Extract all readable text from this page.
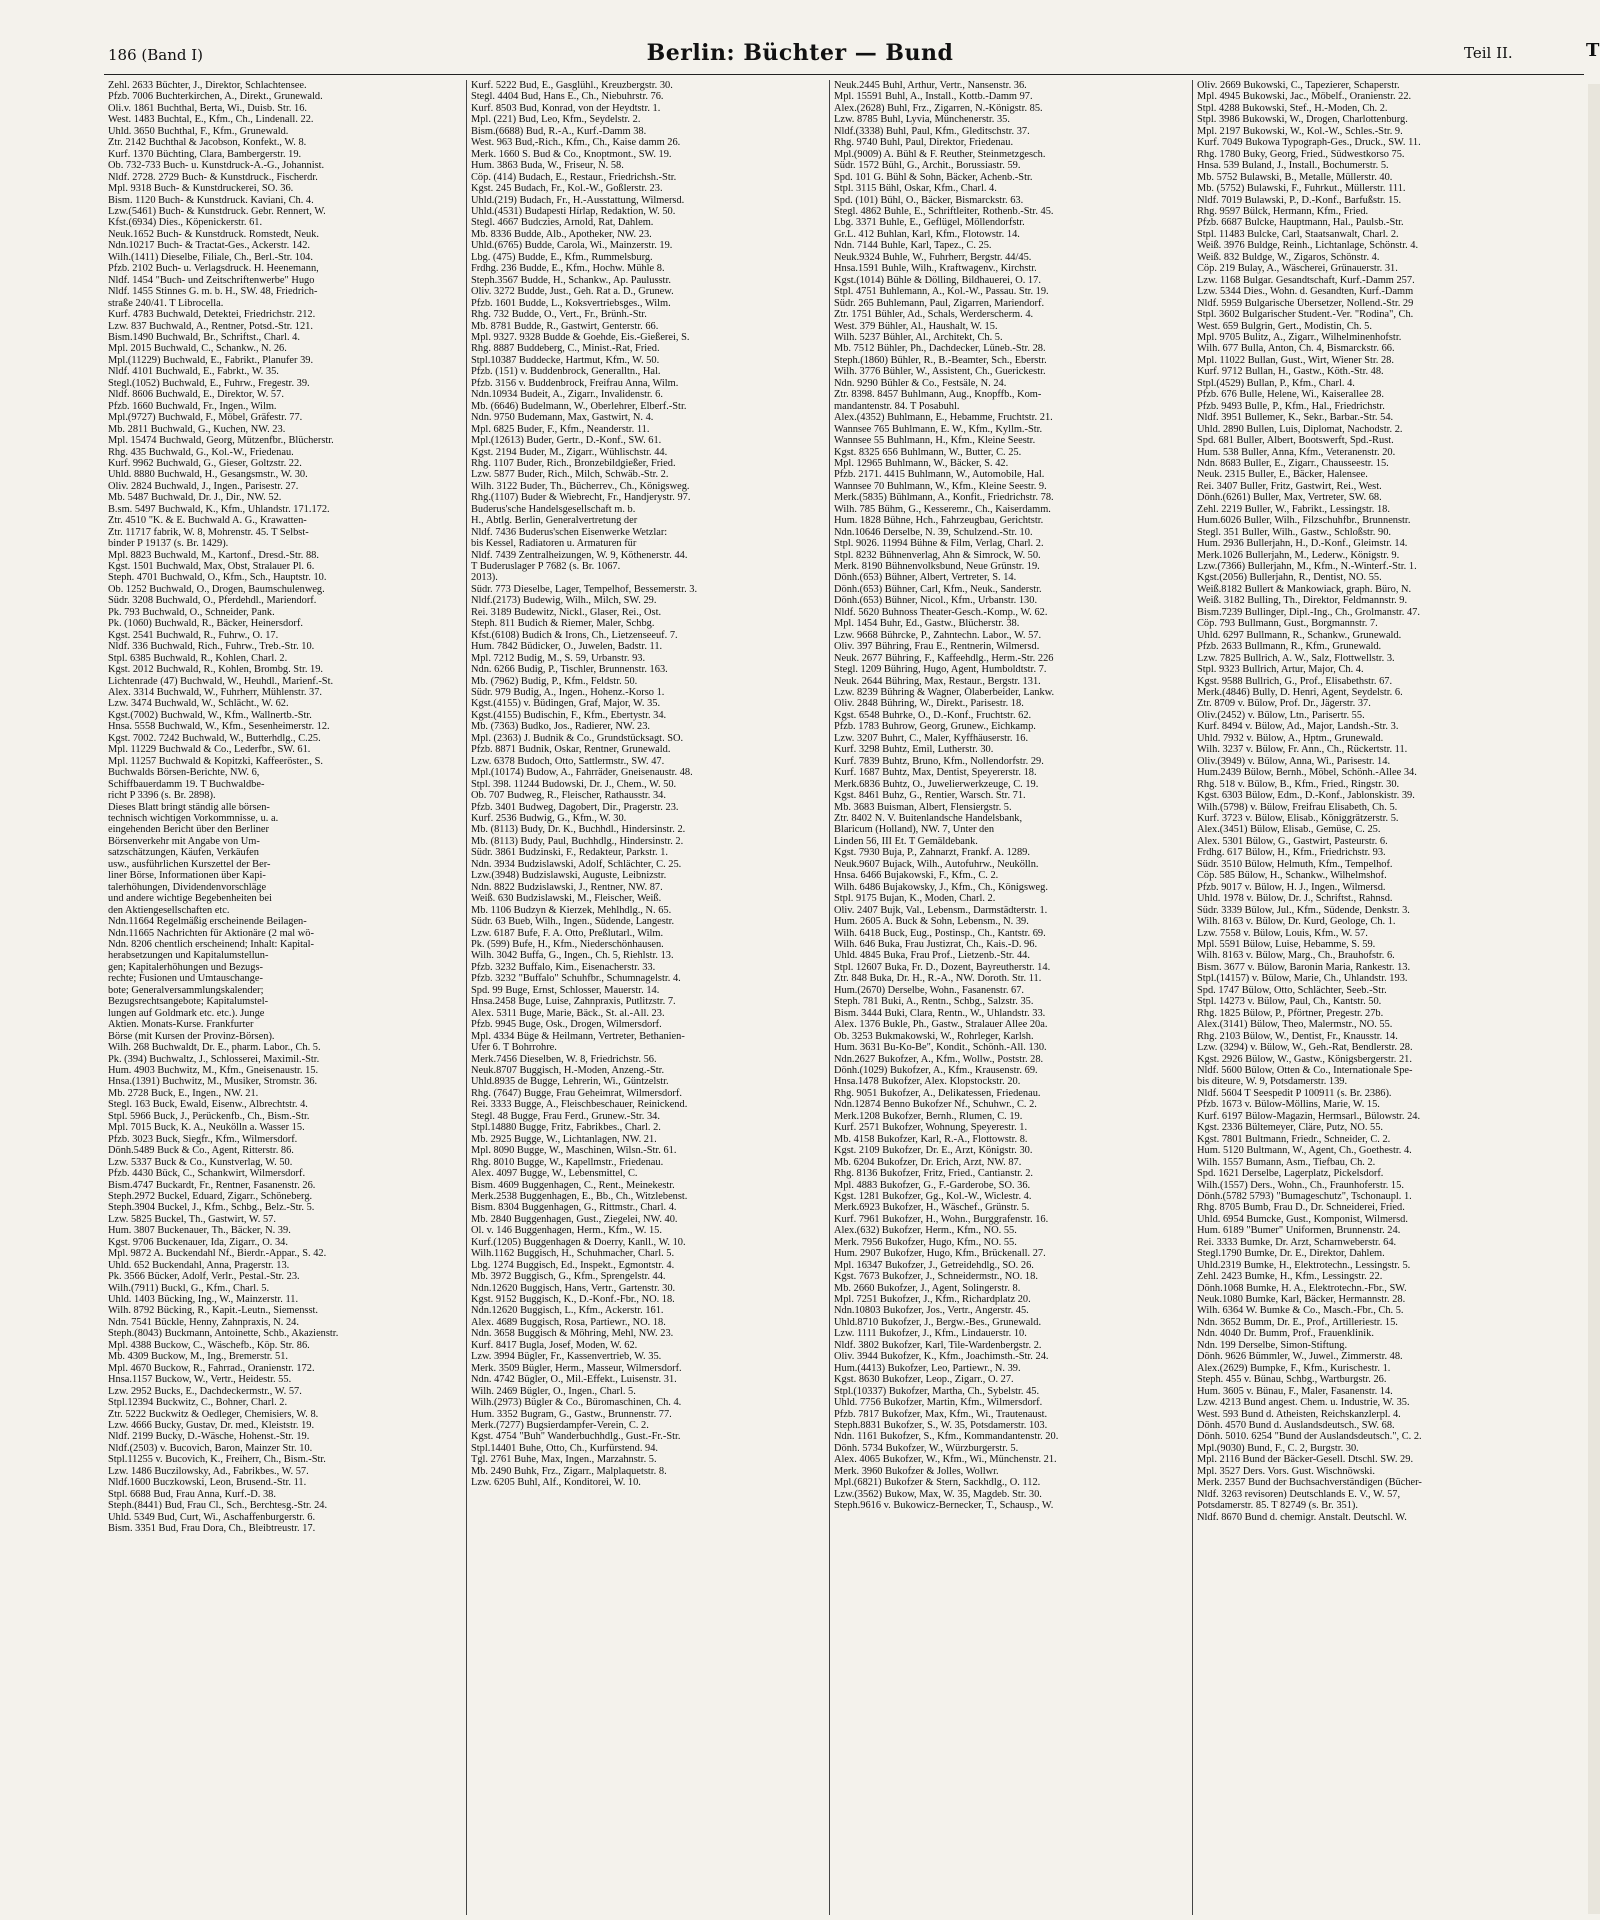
186 (Band I)	Berlin: Büchter — Bund	Teil II.	T
Zehl. 2633 Büchter, J., Direktor, Schlachtensee.
Pfzb. 7006 Buchterkirchen, A., Direkt., Grunewald.
Oli.v. 1861 Buchthal, Berta, Wi., Duisb. Str. 16.
West. 1483 Buchtal, E., Kfm., Ch., Lindenall. 22.
Uhld. 3650 Buchthal, F., Kfm., Grunewald.
Ztr. 2142 Buchthal & Jacobson, Konfekt., W. 8.
Kurf. 1370 Büchting, Clara, Bambergerstr. 19.
Ob. 732-733 Buch- u. Kunstdruck-A.-G., Johannist.
Nldf. 2728. 2729 Buch- & Kunstdruck., Fischerdr.
Mpl. 9318 Buch- & Kunstdruckerei, SO. 36.
Bism. 1120 Buch- & Kunstdruck. Kaviani, Ch. 4.
Lzw.(5461) Buch- & Kunstdruck. Gebr. Rennert, W.
Kfst.(6934) Dies., Köpenickerstr. 61.
Neuk.1652 Buch- & Kunstdruck. Romstedt, Neuk.
Ndn.10217 Buch- & Tractat-Ges., Ackerstr. 142.
Wilh.(1411) Dieselbe, Filiale, Ch., Berl.-Str. 104.
Pfzb. 2102 Buch- u. Verlagsdruck. H. Heenemann,
Nldf. 1454 "Buch- und Zeitschriftenwerbe" Hugo
Nldf. 1455 Stinnes G. m. b. H., SW. 48, Friedrich-
straße 240/41. T Librocella.
Kurf. 4783 Buchwald, Detektei, Friedrichstr. 212.
Lzw. 837 Buchwald, A., Rentner, Potsd.-Str. 121.
Bism.1490 Buchwald, Br., Schriftst., Charl. 4.
Mpl. 2015 Buchwald, C., Schankw., N. 26.
Mpl.(11229) Buchwald, E., Fabrikt., Planufer 39.
Nldf. 4101 Buchwald, E., Fabrkt., W. 35.
Stegl.(1052) Buchwald, E., Fuhrw., Fregestr. 39.
Nldf. 8606 Buchwald, E., Direktor, W. 57.
Pfzb. 1660 Buchwald, Fr., Ingen., Wilm.
Mpl.(9727) Buchwald, F., Möbel, Gräfestr. 77.
Mb. 2811 Buchwald, G., Kuchen, NW. 23.
Mpl. 15474 Buchwald, Georg, Mützenfbr., Blücherstr.
Rhg. 435 Buchwald, G., Kol.-W., Friedenau.
Kurf. 9962 Buchwald, G., Gieser, Goltzstr. 22.
Uhld. 8880 Buchwald, H., Gesangsmstr., W. 30.
Oliv. 2824 Buchwald, J., Ingen., Parisestr. 27.
Mb. 5487 Buchwald, Dr. J., Dir., NW. 52.
B.sm. 5497 Buchwald, K., Kfm., Uhlandstr. 171.172.
Ztr. 4510 "K. & E. Buchwald A. G., Krawatten-
Ztr. 11717 fabrik, W. 8, Mohrenstr. 45. T Selbst-
binder P 19137 (s. Br. 1429).
Mpl. 8823 Buchwald, M., Kartonf., Dresd.-Str. 88.
Kgst. 1501 Buchwald, Max, Obst, Stralauer Pl. 6.
Steph. 4701 Buchwald, O., Kfm., Sch., Hauptstr. 10.
Ob. 1252 Buchwald, O., Drogen, Baumschulenweg.
Südr. 3208 Buchwald, O., Pferdehdl., Mariendorf.
Pk. 793 Buchwald, O., Schneider, Pank.
Pk. (1060) Buchwald, R., Bäcker, Heinersdorf.
Kgst. 2541 Buchwald, R., Fuhrw., O. 17.
Nldf. 336 Buchwald, Rich., Fuhrw., Treb.-Str. 10.
Stpl. 6385 Buchwald, R., Kohlen, Charl. 2.
Kgst. 2012 Buchwald, R., Kohlen, Brombg. Str. 19.
Lichtenrade (47) Buchwald, W., Heuhdl., Marienf.-St.
Alex. 3314 Buchwald, W., Fuhrherr, Mühlenstr. 37.
Lzw. 3474 Buchwald, W., Schlächt., W. 62.
Kgst.(7002) Buchwald, W., Kfm., Wallnertb.-Str.
Hnsa. 5558 Buchwald, W., Kfm., Sesenheimerstr. 12.
Kgst. 7002. 7242 Buchwald, W., Butterhdlg., C.25.
Mpl. 11229 Buchwald & Co., Lederfbr., SW. 61.
Mpl. 11257 Buchwald & Kopitzki, Kaffeeröster., S.
Buchwalds Börsen-Berichte, NW. 6,
Schiffbauerdamm 19. T Buchwaldbe-
richt P 3396 (s. Br. 2898).
Dieses Blatt bringt ständig alle börsen-
technisch wichtigen Vorkommnisse, u. a.
eingehenden Bericht über den Berliner
Börsenverkehr mit Angabe von Um-
satzschätzungen, Käufen, Verkäufen
usw., ausführlichen Kurszettel der Ber-
liner Börse, Informationen über Kapi-
talerhöhungen, Dividendenvorschläge
und andere wichtige Begebenheiten bei
den Aktiengesellschaften etc.
Ndn.11664 Regelmäßig erscheinende Beilagen-
Ndn.11665 Nachrichten für Aktionäre (2 mal wö-
Ndn. 8206 chentlich erscheinend; Inhalt: Kapital-
herabsetzungen und Kapitalumstellun-
gen; Kapitalerhöhungen und Bezugs-
rechte; Fusionen und Umtauschange-
bote; Generalversammlungskalender;
Bezugsrechtsangebote; Kapitalumstel-
lungen auf Goldmark etc. etc.). Junge
Aktien. Monats-Kurse. Frankfurter
Börse (mit Kursen der Provinz-Börsen).
Wilh. 268 Buchwaldt, Dr. E., pharm. Labor., Ch. 5.
Pk. (394) Buchwaltz, J., Schlosserei, Maximil.-Str.
Hum. 4903 Buchwitz, M., Kfm., Gneisenaustr. 15.
Hnsa.(1391) Buchwitz, M., Musiker, Stromstr. 36.
Mb. 2728 Buck, E., Ingen., NW. 21.
Stegl. 163 Buck, Ewald, Eisenw., Albrechtstr. 4.
Stpl. 5966 Buck, J., Perückenfb., Ch., Bism.-Str.
Mpl. 7015 Buck, K. A., Neukölln a. Wasser 15.
Pfzb. 3023 Buck, Siegfr., Kfm., Wilmersdorf.
Dönh.5489 Buck & Co., Agent, Ritterstr. 86.
Lzw. 5337 Buck & Co., Kunstverlag, W. 50.
Pfzb. 4430 Bück, C., Schankwirt, Wilmersdorf.
Bism.4747 Buckardt, Fr., Rentner, Fasanenstr. 26.
Steph.2972 Buckel, Eduard, Zigarr., Schöneberg.
Steph.3904 Buckel, J., Kfm., Schbg., Belz.-Str. 5.
Lzw. 5825 Buckel, Th., Gastwirt, W. 57.
Hum. 3807 Buckenauer, Th., Bäcker, N. 39.
Kgst. 9706 Buckenauer, Ida, Zigarr., O. 34.
Mpl. 9872 A. Buckendahl Nf., Bierdr.-Appar., S. 42.
Uhld. 652 Buckendahl, Anna, Pragerstr. 13.
Pk. 3566 Bücker, Adolf, Verlr., Pestal.-Str. 23.
Wilh.(7911) Buckl, G., Kfm., Charl. 5.
Uhld. 1403 Bücking, Ing., W., Mainzerstr. 11.
Wilh. 8792 Bücking, R., Kapit.-Leutn., Siemensst.
Ndn. 7541 Bückle, Henny, Zahnpraxis, N. 24.
Steph.(8043) Buckmann, Antoinette, Schb., Akazienstr.
Mpl. 4388 Buckow, C., Wäschefb., Köp. Str. 86.
Mb. 4309 Buckow, M., Ing., Bremerstr. 51.
Mpl. 4670 Buckow, R., Fahrrad., Oranienstr. 172.
Hnsa.1157 Buckow, W., Vertr., Heidestr. 55.
Lzw. 2952 Bucks, E., Dachdeckermstr., W. 57.
Stpl.12394 Buckwitz, C., Bohner, Charl. 2.
Ztr. 5222 Buckwitz & Oedleger, Chemisiers, W. 8.
Lzw. 4666 Bucky, Gustav, Dr. med., Kleiststr. 19.
Nldf. 2199 Bucky, D.-Wäsche, Hohenst.-Str. 19.
Nldf.(2503) v. Bucovich, Baron, Mainzer Str. 10.
Stpl.11255 v. Bucovich, K., Freiherr, Ch., Bism.-Str.
Lzw. 1486 Buczilowsky, Ad., Fabrikbes., W. 57.
Nldf.1600 Buczkowski, Leon, Brusend.-Str. 11.
Stpl. 6688 Bud, Frau Anna, Kurf.-D. 38.
Steph.(8441) Bud, Frau Cl., Sch., Berchtesg.-Str. 24.
Uhld. 5349 Bud, Curt, Wi., Aschaffenburgerstr. 6.
Bism. 3351 Bud, Frau Dora, Ch., Bleibtreustr. 17.
Kurf. 5222 Bud, E., Gasglühl., Kreuzbergstr. 30.
Stegl. 4404 Bud, Hans E., Ch., Niebuhrstr. 76.
Kurf. 8503 Bud, Konrad, von der Heydtstr. 1.
Mpl. (221) Bud, Leo, Kfm., Seydelstr. 2.
Bism.(6688) Bud, R.-A., Kurf.-Damm 38.
West. 963 Bud,-Rich., Kfm., Ch., Kaise damm 26.
Merk. 1660 S. Bud & Co., Knoptmont., SW. 19.
Hum. 3863 Buda, W., Friseur, N. 58.
Cöp. (414) Budach, E., Restaur., Friedrichsh.-Str.
Kgst. 245 Budach, Fr., Kol.-W., Goßlerstr. 23.
Uhld.(219) Budach, Fr., H.-Ausstattung, Wilmersd.
Uhld.(4531) Budapesti Hírlap, Redaktion, W. 50.
Stegl. 4667 Budczies, Arnold, Rat, Dahlem.
Mb. 8336 Budde, Alb., Apotheker, NW. 23.
Uhld.(6765) Budde, Carola, Wi., Mainzerstr. 19.
Lbg. (475) Budde, E., Kfm., Rummelsburg.
Frdhg. 236 Budde, E., Kfm., Hochw. Mühle 8.
Steph.3567 Budde, H., Schankw., Ap. Paulusstr.
Oliv. 3272 Budde, Just., Geh. Rat a. D., Grunew.
Pfzb. 1601 Budde, L., Koksvertriebsges., Wilm.
Rhg. 732 Budde, O., Vert., Fr., Brünh.-Str.
Mb. 8781 Budde, R., Gastwirt, Genterstr. 66.
Mpl. 9327. 9328 Budde & Goehde, Eis.-Gießerei, S.
Rhg. 8887 Buddeberg, C., Minist.-Rat, Fried.
Stpl.10387 Buddecke, Hartmut, Kfm., W. 50.
Pfzb. (151) v. Buddenbrock, Generalltn., Hal.
Pfzb. 3156 v. Buddenbrock, Freifrau Anna, Wilm.
Ndn.10934 Budeit, A., Zigarr., Invalidenstr. 6.
Mb. (6646) Budelmann, W., Oberlehrer, Elberf.-Str.
Ndn. 9750 Budemann, Max, Gastwirt, N. 4.
Mpl. 6825 Buder, F., Kfm., Neanderstr. 11.
Mpl.(12613) Buder, Gertr., D.-Konf., SW. 61.
Kgst. 2194 Buder, M., Zigarr., Wühlischstr. 44.
Rhg. 1107 Buder, Rich., Bronzebildgießer, Fried.
Lzw. 5877 Buder, Rich., Milch, Schwäb.-Str. 2.
Wilh. 3122 Buder, Th., Bücherrev., Ch., Königsweg.
Rhg.(1107) Buder & Wiebrecht, Fr., Handjerystr. 97.
Buderus'sche Handelsgesellschaft m. b.
H., Abtlg. Berlin, Generalvertretung der
Nldf. 7436 Buderus'schen Eisenwerke Wetzlar:
bis Kessel, Radiatoren u. Armaturen für
Nldf. 7439 Zentralheizungen, W. 9, Köthenerstr. 44.
T Buderuslager P 7682 (s. Br. 1067.
2013).
Südr. 773 Dieselbe, Lager, Tempelhof, Bessemerstr. 3.
Nldf.(2173) Budewig, Wilh., Milch, SW. 29.
Rei. 3189 Budewitz, Nickl., Glaser, Rei., Ost.
Steph. 811 Budich & Riemer, Maler, Schbg.
Kfst.(6108) Budich & Irons, Ch., Lietzenseeuf. 7.
Hum. 7842 Büdicker, O., Juwelen, Badstr. 11.
Mpl. 7212 Budig, M., S. 59, Urbanstr. 93.
Ndn. 6266 Budig, P., Tischler, Brunnenstr. 163.
Mb. (7962) Budig, P., Kfm., Feldstr. 50.
Südr. 979 Budig, A., Ingen., Hohenz.-Korso 1.
Kgst.(4155) v. Büdingen, Graf, Major, W. 35.
Kgst.(4155) Budischin, F., Kfm., Ebertystr. 34.
Mb. (7363) Budko, Jos., Radierer, NW. 23.
Mpl. (2363) J. Budnik & Co., Grundstücksagt. SO.
Pfzb. 8871 Budnik, Oskar, Rentner, Grunewald.
Lzw. 6378 Budoch, Otto, Sattlermstr., SW. 47.
Mpl.(10174) Budow, A., Fahrräder, Gneisenaustr. 48.
Stpl. 398. 11244 Budowski, Dr. J., Chem., W. 50.
Ob. 707 Budweg, R., Fleischer, Rathausstr. 34.
Pfzb. 3401 Budweg, Dagobert, Dir., Pragerstr. 23.
Kurf. 2536 Budwig, G., Kfm., W. 30.
Mb. (8113) Budy, Dr. K., Buchhdl., Hindersinstr. 2.
Mb. (8113) Budy, Paul, Buchhdlg., Hindersinstr. 2.
Südr. 3861 Budzinski, F., Redakteur, Parkstr. 1.
Ndn. 3934 Budzislawski, Adolf, Schlächter, C. 25.
Lzw.(3948) Budzislawski, Auguste, Leibnizstr.
Ndn. 8822 Budzislawski, J., Rentner, NW. 87.
Weiß. 630 Budzislawski, M., Fleischer, Weiß.
Mb. 1106 Budzyn & Kierzek, Mehlhdlg., N. 65.
Südr. 63 Bueb, Wilh., Ingen., Südende, Langestr.
Lzw. 6187 Bufe, F. A. Otto, Preßlutarl., Wilm.
Pk. (599) Bufe, H., Kfm., Niederschönhausen.
Wilh. 3042 Buffa, G., Ingen., Ch. 5, Riehlstr. 13.
Pfzb. 3232 Buffalo, Kim., Eisenacherstr. 33.
Pfzb. 3232 "Buffalo" Schuhfbr., Schumnagelstr. 4.
Spd. 99 Buge, Ernst, Schlosser, Mauerstr. 14.
Hnsa.2458 Buge, Luise, Zahnpraxis, Putlitzstr. 7.
Alex. 5311 Buge, Marie, Bäck., St. al.-All. 23.
Pfzb. 9945 Buge, Osk., Drogen, Wilmersdorf.
Mpl. 4334 Büge & Heilmann, Vertreter, Bethanien-
Ufer 6. T Bohrrohre.
Merk.7456 Dieselben, W. 8, Friedrichstr. 56.
Neuk.8707 Buggisch, H.-Moden, Anzeng.-Str.
Uhld.8935 de Bugge, Lehrerin, Wi., Güntzelstr.
Rhg. (7647) Bugge, Frau Geheimrat, Wilmersdorf.
Rei. 3333 Bugge, A., Fleischbeschauer, Reinickend.
Stegl. 48 Bugge, Frau Ferd., Grunew.-Str. 34.
Stpl.14880 Bugge, Fritz, Fabrikbes., Charl. 2.
Mb. 2925 Bugge, W., Lichtanlagen, NW. 21.
Mpl. 8090 Bugge, W., Maschinen, Wilsn.-Str. 61.
Rhg. 8010 Bugge, W., Kapellmstr., Friedenau.
Alex. 4097 Bugge, W., Lebensmittel, C.
Bism. 4609 Buggenhagen, C., Rent., Meinekestr.
Merk.2538 Buggenhagen, E., Bb., Ch., Witzlebenst.
Bism. 8304 Buggenhagen, G., Rittmstr., Charl. 4.
Mb. 2840 Buggenhagen, Gust., Ziegelei, NW. 40.
Ol. v. 146 Buggenhagen, Herm., Kfm., W. 15.
Kurf.(1205) Buggenhagen & Doerry, Kanll., W. 10.
Wilh.1162 Buggisch, H., Schuhmacher, Charl. 5.
Lbg. 1274 Buggisch, Ed., Inspekt., Egmontstr. 4.
Mb. 3972 Buggisch, G., Kfm., Sprengelstr. 44.
Ndn.12620 Buggisch, Hans, Vertr., Gartenstr. 30.
Kgst. 9152 Buggisch, K., D.-Konf.-Fbr., NO. 18.
Ndn.12620 Buggisch, L., Kfm., Ackerstr. 161.
Alex. 4689 Buggisch, Rosa, Partiewr., NO. 18.
Ndn. 3658 Buggisch & Möhring, Mehl, NW. 23.
Kurf. 8417 Bugla, Josef, Moden, W. 62.
Lzw. 3994 Bügler, Fr., Kassenvertrieb, W. 35.
Merk. 3509 Bügler, Herm., Masseur, Wilmersdorf.
Ndn. 4742 Bügler, O., Mil.-Effekt., Luisenstr. 31.
Wilh. 2469 Bügler, O., Ingen., Charl. 5.
Wilh.(2973) Bügler & Co., Büromaschinen, Ch. 4.
Hum. 3352 Bugram, G., Gastw., Brunnenstr. 77.
Merk.(7277) Bugsierdampfer-Verein, C. 2.
Kgst. 4754 "Buh" Wanderbuchhdlg., Gust.-Fr.-Str.
Stpl.14401 Buhe, Otto, Ch., Kurfürstend. 94.
Tgl. 2761 Buhe, Max, Ingen., Marzahnstr. 5.
Mb. 2490 Buhk, Frz., Zigarr., Malplaquetstr. 8.
Lzw. 6205 Buhl, Alf., Konditorei, W. 10.
Neuk.2445 Buhl, Arthur, Vertr., Nansenstr. 36.
Mpl. 15591 Buhl, A., Install., Kottb.-Damm 97.
Alex.(2628) Buhl, Frz., Zigarren, N.-Königstr. 85.
Lzw. 8785 Buhl, Lyvia, Münchenerstr. 35.
Nldf.(3338) Buhl, Paul, Kfm., Gleditschstr. 37.
Rhg. 9740 Buhl, Paul, Direktor, Friedenau.
Mpl.(9009) A. Bühl & F. Reuther, Steinmetzgesch.
Südr. 1572 Bühl, G., Archit., Borussiastr. 59.
Spd. 101 G. Bühl & Sohn, Bäcker, Achenb.-Str.
Stpl. 3115 Bühl, Oskar, Kfm., Charl. 4.
Spd. (101) Bühl, O., Bäcker, Bismarckstr. 63.
Stegl. 4862 Buhle, E., Schriftleiter, Rothenb.-Str. 45.
Lbg. 3371 Buhle, E., Geflügel, Möllendorfstr.
Gr.L. 412 Buhlan, Karl, Kfm., Flotowstr. 14.
Ndn. 7144 Buhle, Karl, Tapez., C. 25.
Neuk.9324 Buhle, W., Fuhrherr, Bergstr. 44/45.
Hnsa.1591 Buhle, Wilh., Kraftwagenv., Kirchstr.
Kgst.(1014) Bühle & Dölling, Bildhauerei, O. 17.
Stpl. 4751 Buhlemann, A., Kol.-W., Passau. Str. 19.
Südr. 265 Buhlemann, Paul, Zigarren, Mariendorf.
Ztr. 1751 Bühler, Ad., Schals, Werderscherm. 4.
West. 379 Bühler, Al., Haushalt, W. 15.
Wilh. 5237 Bühler, Al., Architekt, Ch. 5.
Mb. 7512 Bühler, Ph., Dachdecker, Lüneb.-Str. 28.
Steph.(1860) Bühler, R., B.-Beamter, Sch., Eberstr.
Wilh. 3776 Bühler, W., Assistent, Ch., Guerickestr.
Ndn. 9290 Bühler & Co., Festsäle, N. 24.
Ztr. 8398. 8457 Buhlmann, Aug., Knopffb., Kom-
mandantenstr. 84. T Posabuhl.
Alex.(4352) Buhlmann, E., Hebamme, Fruchtstr. 21.
Wannsee 765 Buhlmann, E. W., Kfm., Kyllm.-Str.
Wannsee 55 Buhlmann, H., Kfm., Kleine Seestr.
Kgst. 8325 656 Buhlmann, W., Butter, C. 25.
Mpl. 12965 Buhlmann, W., Bäcker, S. 42.
Pfzb. 2171. 4415 Buhlmann, W., Automobile, Hal.
Wannsee 70 Buhlmann, W., Kfm., Kleine Seestr. 9.
Merk.(5835) Bühlmann, A., Konfit., Friedrichstr. 78.
Wilh. 785 Bühm, G., Kesseremr., Ch., Kaiserdamm.
Hum. 1828 Bühne, Hch., Fahrzeugbau, Gerichtstr.
Ndn.10646 Derselbe, N. 39, Schulzend.-Str. 10.
Stpl. 9026. 11994 Bühne & Film, Verlag, Charl. 2.
Stpl. 8232 Bühnenverlag, Ahn & Simrock, W. 50.
Merk. 8190 Bühnenvolksbund, Neue Grünstr. 19.
Dönh.(653) Bühner, Albert, Vertreter, S. 14.
Dönh.(653) Bühner, Carl, Kfm., Neuk., Sanderstr.
Dönh.(653) Bühner, Nicol., Kfm., Urbanstr. 130.
Nldf. 5620 Buhnoss Theater-Gesch.-Komp., W. 62.
Mpl. 1454 Buhr, Ed., Gastw., Blücherstr. 38.
Lzw. 9668 Bührcke, P., Zahntechn. Labor., W. 57.
Oliv. 397 Bühring, Frau E., Rentnerin, Wilmersd.
Neuk. 2677 Bühring, F., Kaffeehdlg., Herm.-Str. 226
Stegl. 1209 Bühring, Hugo, Agent, Humboldtstr. 7.
Neuk. 2644 Bühring, Max, Restaur., Bergstr. 131.
Lzw. 8239 Bühring & Wagner, Ölaberbeider, Lankw.
Oliv. 2848 Bühring, W., Direkt., Parisestr. 18.
Kgst. 6548 Buhrke, O., D.-Konf., Fruchtstr. 62.
Pfzb. 1783 Buhrow, Georg, Grunew., Eichkamp.
Lzw. 3207 Buhrt, C., Maler, Kyffhäuserstr. 16.
Kurf. 3298 Buhtz, Emil, Lutherstr. 30.
Kurf. 7839 Buhtz, Bruno, Kfm., Nollendorfstr. 29.
Kurf. 1687 Buhtz, Max, Dentist, Speyererstr. 18.
Merk.6836 Buhtz, O., Juwelierwerkzeuge, C. 19.
Kgst. 8461 Buhz, G., Rentier, Warsch. Str. 71.
Mb. 3683 Buisman, Albert, Flensiergstr. 5.
Ztr. 8402 N. V. Buitenlandsche Handelsbank,
Blaricum (Holland), NW. 7, Unter den
Linden 56, III Et. T Gemäldebank.
Kgst. 7930 Buja, P., Zahnarzt, Frankf. A. 1289.
Neuk.9607 Bujack, Wilh., Autofuhrw., Neukölln.
Hnsa. 6466 Bujakowski, F., Kfm., C. 2.
Wilh. 6486 Bujakowsky, J., Kfm., Ch., Königsweg.
Stpl. 9175 Bujan, K., Moden, Charl. 2.
Oliv. 2407 Bujk, Val., Lebensm., Darmstädterstr. 1.
Hum. 2605 A. Buck & Sohn, Lebensm., N. 39.
Wilh. 6418 Buck, Eug., Postinsp., Ch., Kantstr. 69.
Wilh. 646 Buka, Frau Justizrat, Ch., Kais.-D. 96.
Uhld. 4845 Buka, Frau Prof., Lietzenb.-Str. 44.
Stpl. 12607 Buka, Fr. D., Dozent, Bayreutherstr. 14.
Ztr. 848 Buka, Dr. H., R.-A., NW. Doroth. Str. 11.
Hum.(2670) Derselbe, Wohn., Fasanenstr. 67.
Steph. 781 Buki, A., Rentn., Schbg., Salzstr. 35.
Bism. 3444 Buki, Clara, Rentn., W., Uhlandstr. 33.
Alex. 1376 Bukle, Ph., Gastw., Stralauer Allee 20a.
Ob. 3253 Bukmakowski, W., Rohrleger, Karlsh.
Hum. 3631 Bu-Ko-Be", Kondit., Schönh.-All. 130.
Ndn.2627 Bukofzer, A., Kfm., Wollw., Poststr. 28.
Dönh.(1029) Bukofzer, A., Kfm., Krausenstr. 69.
Hnsa.1478 Bukofzer, Alex. Klopstockstr. 20.
Rhg. 9051 Bukofzer, A., Delikatessen, Friedenau.
Ndn.12874 Benno Bukofzer Nf., Schuhwr., C. 2.
Merk.1208 Bukofzer, Bernh., Rlumen, C. 19.
Kurf. 2571 Bukofzer, Wohnung, Speyerestr. 1.
Mb. 4158 Bukofzer, Karl, R.-A., Flottowstr. 8.
Kgst. 2109 Bukofzer, Dr. E., Arzt, Königstr. 30.
Mb. 6204 Bukofzer, Dr. Erich, Arzt, NW. 87.
Rhg. 8136 Bukofzer, Fritz, Fried., Cantianstr. 2.
Mpl. 4883 Bukofzer, G., F.-Garderobe, SO. 36.
Kgst. 1281 Bukofzer, Gg., Kol.-W., Wiclestr. 4.
Merk.6923 Bukofzer, H., Wäschef., Grünstr. 5.
Kurf. 7961 Bukofzer, H., Wohn., Burggrafenstr. 16.
Alex.(632) Bukofzer, Herm., Kfm., NO. 55.
Merk. 7956 Bukofzer, Hugo, Kfm., NO. 55.
Hum. 2907 Bukofzer, Hugo, Kfm., Brückenall. 27.
Mpl. 16347 Bukofzer, J., Getreidehdlg., SO. 26.
Kgst. 7673 Bukofzer, J., Schneidermstr., NO. 18.
Mb. 2660 Bukofzer, J., Agent, Solingerstr. 8.
Mpl. 7251 Bukofzer, J., Kfm., Richardplatz 20.
Ndn.10803 Bukofzer, Jos., Vertr., Angerstr. 45.
Uhld.8710 Bukofzer, J., Bergw.-Bes., Grunewald.
Lzw. 1111 Bukofzer, J., Kfm., Lindauerstr. 10.
Nldf. 3802 Bukofzer, Karl, Tile-Wardenbergstr. 2.
Oliv. 3944 Bukofzer, K., Kfm., Joachimsth.-Str. 24.
Hum.(4413) Bukofzer, Leo, Partiewr., N. 39.
Kgst. 8630 Bukofzer, Leop., Zigarr., O. 27.
Stpl.(10337) Bukofzer, Martha, Ch., Sybelstr. 45.
Uhld. 7756 Bukofzer, Martin, Kfm., Wilmersdorf.
Pfzb. 7817 Bukofzer, Max, Kfm., Wi., Trautenaust.
Steph.8831 Bukofzer, S., W. 35, Potsdamerstr. 103.
Ndn. 1161 Bukofzer, S., Kfm., Kommandantenstr. 20.
Dönh. 5734 Bukofzer, W., Würzburgerstr. 5.
Alex. 4065 Bukofzer, W., Kfm., Wi., Münchenstr. 21.
Merk. 3960 Bukofzer & Jolles, Wollwr.
Mpl.(6821) Bukofzer & Stern, Sackhdlg., O. 112.
Lzw.(3562) Bukow, Max, W. 35, Magdeb. Str. 30.
Steph.9616 v. Bukowicz-Bernecker, T., Schausp., W.
Oliv. 2669 Bukowski, C., Tapezierer, Schaperstr.
Mpl. 4945 Bukowski, Jac., Möbelf., Oranienstr. 22.
Stpl. 4288 Bukowski, Stef., H.-Moden, Ch. 2.
Stpl. 3986 Bukowski, W., Drogen, Charlottenburg.
Mpl. 2197 Bukowski, W., Kol.-W., Schles.-Str. 9.
Kurf. 7049 Bukowa Typograph-Ges., Druck., SW. 11.
Rhg. 1780 Buky, Georg, Fried., Südwestkorso 75.
Hnsa. 539 Buland, J., Install., Bochumerstr. 5.
Mb. 5752 Bulawski, B., Metalle, Müllerstr. 40.
Mb. (5752) Bulawski, F., Fuhrkut., Müllerstr. 111.
Nldf. 7019 Bulawski, P., D.-Konf., Barfußstr. 15.
Rhg. 9597 Bülck, Hermann, Kfm., Fried.
Pfzb. 6687 Bulcke, Hauptmann, Hal., Paulsb.-Str.
Stpl. 11483 Bulcke, Carl, Staatsanwalt, Charl. 2.
Weiß. 3976 Buldge, Reinh., Lichtanlage, Schönstr. 4.
Weiß. 832 Buldge, W., Zigaros, Schönstr. 4.
Cöp. 219 Bulay, A., Wäscherei, Grünauerstr. 31.
Lzw. 1168 Bulgar. Gesandtschaft, Kurf.-Damm 257.
Lzw. 5344 Dies., Wohn. d. Gesandten, Kurf.-Damm
Nldf. 5959 Bulgarische Übersetzer, Nollend.-Str. 29
Stpl. 3602 Bulgarischer Student.-Ver. "Rodina", Ch.
West. 659 Bulgrin, Gert., Modistin, Ch. 5.
Mpl. 9705 Bulitz, A., Zigarr., Wilhelminenhofstr.
Wilh. 677 Bulla, Anton, Ch. 4, Bismarckstr. 66.
Mpl. 11022 Bullan, Gust., Wirt, Wiener Str. 28.
Kurf. 9712 Bullan, H., Gastw., Köth.-Str. 48.
Stpl.(4529) Bullan, P., Kfm., Charl. 4.
Pfzb. 676 Bulle, Helene, Wi., Kaiserallee 28.
Pfzb. 9493 Bulle, P., Kfm., Hal., Friedrichstr.
Nldf. 3951 Bullemer, K., Sekr., Barbar.-Str. 54.
Uhld. 2890 Bullen, Luis, Diplomat, Nachodstr. 2.
Spd. 681 Buller, Albert, Bootswerft, Spd.-Rust.
Hum. 538 Buller, Anna, Kfm., Veteranenstr. 20.
Ndn. 8683 Buller, E., Zigarr., Chausseestr. 15.
Neuk. 2315 Buller, E., Bäcker, Halensee.
Rei. 3407 Buller, Fritz, Gastwirt, Rei., West.
Dönh.(6261) Buller, Max, Vertreter, SW. 68.
Zehl. 2219 Buller, W., Fabrikt., Lessingstr. 18.
Hum.6026 Buller, Wilh., Filzschuhfbr., Brunnenstr.
Stegl. 351 Buller, Wilh., Gastw., Schloßstr. 90.
Hum. 2936 Bullerjahn, H., D.-Konf., Gleimstr. 14.
Merk.1026 Bullerjahn, M., Lederw., Königstr. 9.
Lzw.(7366) Bullerjahn, M., Kfm., N.-Winterf.-Str. 1.
Kgst.(2056) Bullerjahn, R., Dentist, NO. 55.
Weiß.8182 Bullert & Mankowiack, graph. Büro, N.
Weiß. 3182 Bulling, Th., Direktor, Feldmannstr. 9.
Bism.7239 Bullinger, Dipl.-Ing., Ch., Grolmanstr. 47.
Cöp. 793 Bullmann, Gust., Borgmannstr. 7.
Uhld. 6297 Bullmann, R., Schankw., Grunewald.
Pfzb. 2633 Bullmann, R., Kfm., Grunewald.
Lzw. 7825 Bullrich, A. W., Salz, Flottwellstr. 3.
Stpl. 9323 Bullrich, Artur, Major, Ch. 4.
Kgst. 9588 Bullrich, G., Prof., Elisabethstr. 67.
Merk.(4846) Bully, D. Henri, Agent, Seydelstr. 6.
Ztr. 8709 v. Bülow, Prof. Dr., Jägerstr. 37.
Oliv.(2452) v. Bülow, Ltn., Parisertr. 55.
Kurf. 8494 v. Bülow, Ad., Major, Landsh.-Str. 3.
Uhld. 7932 v. Bülow, A., Hptm., Grunewald.
Wilh. 3237 v. Bülow, Fr. Ann., Ch., Rückertstr. 11.
Oliv.(3949) v. Bülow, Anna, Wi., Parisestr. 14.
Hum.2439 Bülow, Bernh., Möbel, Schönh.-Allee 34.
Rhg. 518 v. Bülow, B., Kfm., Fried., Ringstr. 30.
Kgst. 6303 Bülow, Edm., D.-Konf., Jablonskistr. 39.
Wilh.(5798) v. Bülow, Freifrau Elisabeth, Ch. 5.
Kurf. 3723 v. Bülow, Elisab., Königgrätzerstr. 5.
Alex.(3451) Bülow, Elisab., Gemüse, C. 25.
Alex. 5301 Bülow, G., Gastwirt, Pasteurstr. 6.
Frdhg. 617 Bülow, H., Kfm., Friedrichstr. 93.
Südr. 3510 Bülow, Helmuth, Kfm., Tempelhof.
Cöp. 585 Bülow, H., Schankw., Wilhelmshof.
Pfzb. 9017 v. Bülow, H. J., Ingen., Wilmersd.
Uhld. 1978 v. Bülow, Dr. J., Schriftst., Rahnsd.
Südr. 3339 Bülow, Jul., Kfm., Südende, Denkstr. 3.
Wilh. 8163 v. Bülow, Dr. Kurd, Geologe, Ch. 1.
Lzw. 7558 v. Bülow, Louis, Kfm., W. 57.
Mpl. 5591 Bülow, Luise, Hebamme, S. 59.
Wilh. 8163 v. Bülow, Marg., Ch., Brauhofstr. 6.
Bism. 3677 v. Bülow, Baronin Maria, Rankestr. 13.
Stpl.(14157) v. Bülow, Marie, Ch., Uhlandstr. 193.
Spd. 1747 Bülow, Otto, Schlächter, Seeb.-Str.
Stpl. 14273 v. Bülow, Paul, Ch., Kantstr. 50.
Rhg. 1825 Bülow, P., Pförtner, Pregestr. 27b.
Alex.(3141) Bülow, Theo, Malermstr., NO. 55.
Rhg. 2103 Bülow, W., Dentist, Fr., Knausstr. 14.
Lzw. (3294) v. Bülow, W., Geh.-Rat, Bendlerstr. 28.
Kgst. 2926 Bülow, W., Gastw., Königsbergerstr. 21.
Nldf. 5600 Bülow, Otten & Co., Internationale Spe-
bis diteure, W. 9, Potsdamerstr. 139.
Nldf. 5604 T Seespedit P 100911 (s. Br. 2386).
Pfzb. 1673 v. Bülow-Möllins, Marie, W. 15.
Kurf. 6197 Bülow-Magazin, Hermsarl., Bülowstr. 24.
Kgst. 2336 Bültemeyer, Cläre, Putz, NO. 55.
Kgst. 7801 Bultmann, Friedr., Schneider, C. 2.
Hum. 5120 Bultmann, W., Agent, Ch., Goethestr. 4.
Wilh. 1557 Bumann, Asm., Tiefbau, Ch. 2.
Spd. 1621 Derselbe, Lagerplatz, Pickelsdorf.
Wilh.(1557) Ders., Wohn., Ch., Fraunhoferstr. 15.
Dönh.(5782 5793) "Bumageschutz", Tschonaupl. 1.
Rhg. 8705 Bumb, Frau D., Dr. Schneiderei, Fried.
Uhld. 6954 Bumcke, Gust., Komponist, Wilmersd.
Hum. 6189 "Bumer" Uniformen, Brunnenstr. 24.
Rei. 3333 Bumke, Dr. Arzt, Scharnweberstr. 64.
Stegl.1790 Bumke, Dr. E., Direktor, Dahlem.
Uhld.2319 Bumke, H., Elektrotechn., Lessingstr. 5.
Zehl. 2423 Bumke, H., Kfm., Lessingstr. 22.
Dönh.1068 Bumke, H. A., Elektrotechn.-Fbr., SW.
Neuk.1080 Bumke, Karl, Bäcker, Hermannstr. 28.
Wilh. 6364 W. Bumke & Co., Masch.-Fbr., Ch. 5.
Ndn. 3652 Bumm, Dr. E., Prof., Artilleriestr. 15.
Ndn. 4040 Dr. Bumm, Prof., Frauenklinik.
Ndn. 199 Derselbe, Simon-Stiftung.
Dönh. 9626 Bümmler, W., Juwel., Zimmerstr. 48.
Alex.(2629) Bumpke, F., Kfm., Kurischestr. 1.
Steph. 455 v. Bünau, Schbg., Wartburgstr. 26.
Hum. 3605 v. Bünau, F., Maler, Fasanenstr. 14.
Lzw. 4213 Bund angest. Chem. u. Industrie, W. 35.
West. 593 Bund d. Atheisten, Reichskanzlerpl. 4.
Dönh. 4570 Bund d. Auslandsdeutsch., SW. 68.
Dönh. 5010. 6254 "Bund der Auslandsdeutsch.", C. 2.
Mpl.(9030) Bund, F., C. 2, Burgstr. 30.
Mpl. 2116 Bund der Bäcker-Gesell. Dtschl. SW. 29.
Mpl. 3527 Ders. Vors. Gust. Wischnöwski.
Merk. 2357 Bund der Buchsachverständigen (Bücher-
Nldf. 3263 revisoren) Deutschlands E. V., W. 57,
Potsdamerstr. 85. T 82749 (s. Br. 351).
Nldf. 8670 Bund d. chemigr. Anstalt. Deutschl. W.
